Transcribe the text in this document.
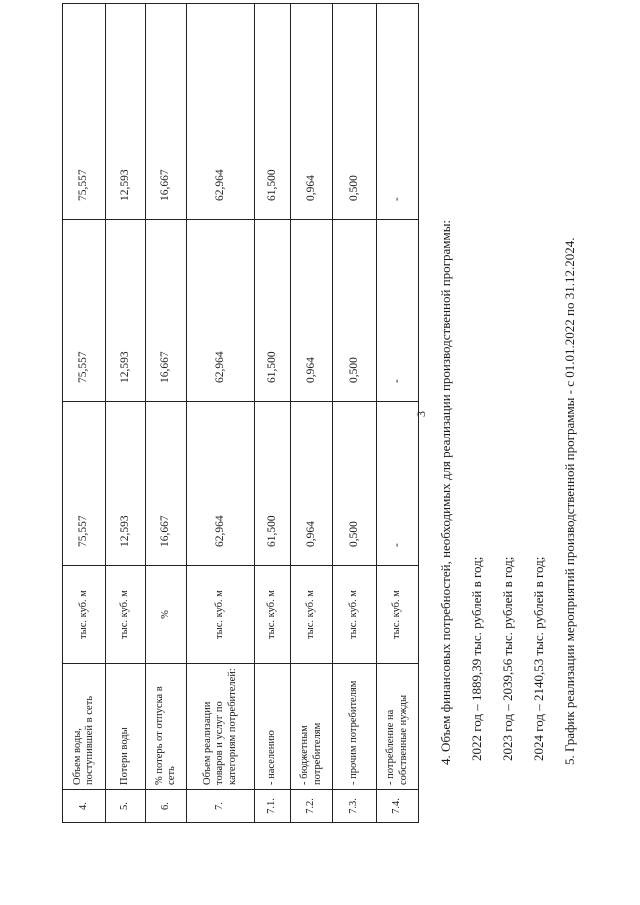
3
4.	Объем воды, поступившей в сеть	тыс. куб. м	75,557	75,557	75,557
5.	Потери воды	тыс. куб. м	12,593	12,593	12,593
6.	% потерь от отпуска в сеть	%	16,667	16,667	16,667
7.	Объем реализации товаров и услуг по категориям потребителей:	тыс. куб. м	62,964	62,964	62,964
7.1.	- населению	тыс. куб. м	61,500	61,500	61,500
7.2.	- бюджетным потребителям	тыс. куб. м	0,964	0,964	0,964
7.3.	- прочим потребителям	тыс. куб. м	0,500	0,500	0,500
7.4.	- потребление на собственные нужды	тыс. куб. м	-	-	-

4. Объем финансовых потребностей, необходимых для реализации производственной программы: 2022 год – 1889,39 тыс. рублей в год; 2023 год – 2039,56 тыс. рублей в год; 2024 год – 2140,53 тыс. рублей в год; 5. График реализации мероприятий производственной программы - с 01.01.2022 по 31.12.2024.
